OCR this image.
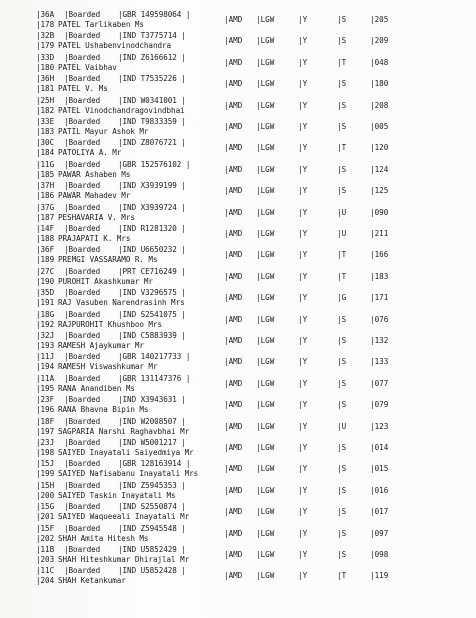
|36A |Boarded |GBR 149598064 |
|178 PATEL Tarlikaben Ms
|AMD |LGW	|Y	|S	|205
|32B |Boarded |IND T3775714 |
|179 PATEL Ushabenvinodchandra
|AMD |LGW	|Y	|S	|209
|33D |Boarded |IND Z6166612 |
|180 PATEL Vaibhav
|AMD |LGW	|Y	|T	|048
|36H |Boarded |IND T7535226 |
|181 PATEL V. Ms
|AMD |LGW	|Y	|S	|180
|25H |Boarded |IND W0341001 |
|182 PATEL Vinodchandragovindbhai
|AMD |LGW	|Y	|S	|208
|33E |Boarded |IND T9833359 |
|183 PATIL Mayur Ashok Mr
|AMD |LGW	|Y	|S	|005
|30C |Boarded |IND Z8076721 |
|184 PATOLIYA A. Mr
|AMD |LGW	|Y	|T	|120
|11G |Boarded |GBR 152576102 |
|185 PAWAR Ashaben Ms
|AMD |LGW	|Y	|S	|124
|37H |Boarded |IND X3939199 |
|186 PAWAR Mahadev Mr
|AMD |LGW	|Y	|S	|125
|37G |Boarded |IND X3939724 |
|187 PESHAVARIA V. Mrs
|AMD |LGW	|Y	|U	|090
|14F |Boarded |IND R1281320 |
|188 PRAJAPATI K. Mrs
|AMD |LGW	|Y	|U	|211
|36F |Boarded |IND U6650232 |
|189 PREMGI VASSARAMO R. Ms
|AMD |LGW	|Y	|T	|166
|27C |Boarded |PRT CE716249 |
|190 PUROHIT Akashkumar Mr
|AMD |LGW	|Y	|T	|183
|35D |Boarded |IND V3296575 |
|191 RAJ Vasuben Narendrasinh Mrs
|AMD |LGW	|Y	|G	|171
|18G |Boarded |IND S2541075 |
|192 RAJPUROHIT Khushboo Mrs
|AMD |LGW	|Y	|S	|076
|32J |Boarded |IND C5883939 |
|193 RAMESH Ajaykumar Mr
|AMD |LGW	|Y	|S	|132
|11J |Boarded |GBR 140217733 |
|194 RAMESH Viswashkumar Mr
|AMD |LGW	|Y	|S	|133
|11A |Boarded |GBR 131147376 |
|195 RANA Anandiben Ms
|AMD |LGW	|Y	|S	|077
|23F |Boarded |IND X3943631 |
|196 RANA Bhavna Bipin Ms
|AMD |LGW	|Y	|S	|079
|18F |Boarded |IND W2008507 |
|197 SAGPARIA Narshi Raghavbhai Mr
|AMD |LGW	|Y	|U	|123
|23J |Boarded |IND W5001217 |
|198 SAIYED Inayatali Saiyedmiya Mr
|AMD |LGW	|Y	|S	|014
|15J |Boarded |GBR 128163914 |
|199 SAIYED Nafisabanu Inayatali Mrs
|AMD |LGW	|Y	|S	|015
|15H |Boarded |IND Z5945353 |
|200 SAIYED Taskin Inayatali Ms
|AMD |LGW	|Y	|S	|016
|15G |Boarded |IND S2550874 |
|201 SAIYED Waqueeali Inayatali Mr
|AMD |LGW	|Y	|S	|017
|15F |Boarded |IND Z5945548 |
|202 SHAH Amita Hitesh Ms
|AMD |LGW	|Y	|S	|097
|11B |Boarded |IND U5852429 |
|203 SHAH Hiteshkumar Dhirajlal Mr
|AMD |LGW	|Y	|S	|098
|11C |Boarded |IND U5852428 |
|204 SHAH Ketankumar
|AMD |LGW	|Y	|T	|119
